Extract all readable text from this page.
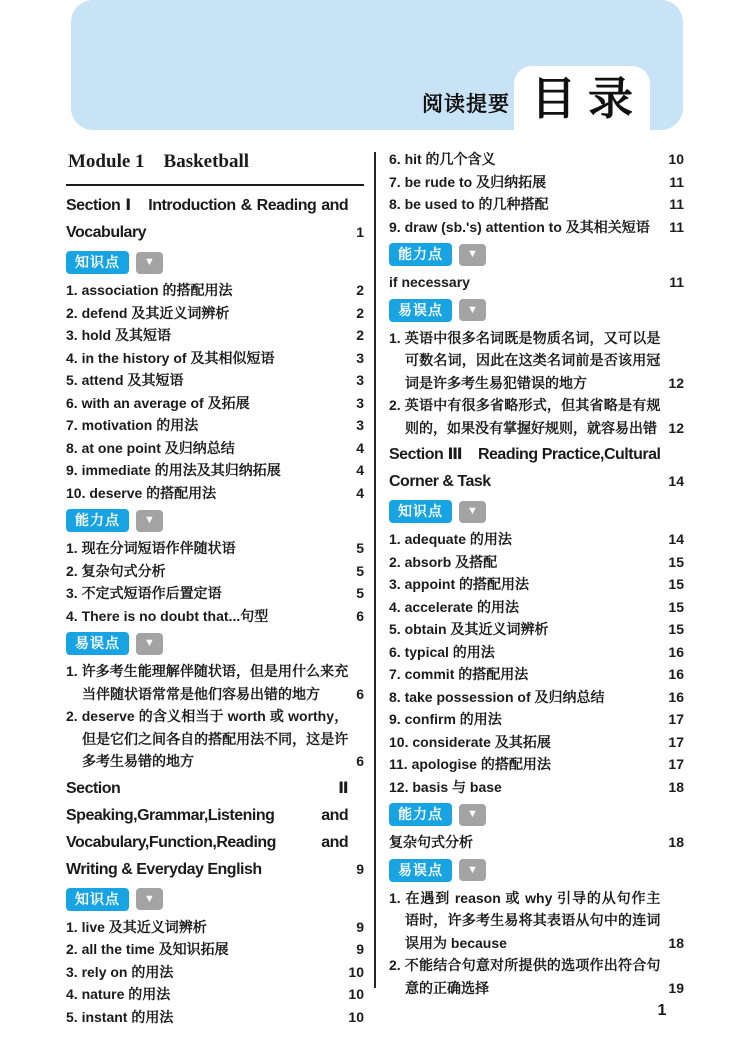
阅读提要 目录
Module 1　Basketball
Section Ⅰ　Introduction & Reading and Vocabulary	1
知识点	▼
1. association 的搭配用法	2
2. defend 及其近义词辨析	2
3. hold 及其短语	2
4. in the history of 及其相似短语	3
5. attend 及其短语	3
6. with an average of 及拓展	3
7. motivation 的用法	3
8. at one point 及归纳总结	4
9. immediate 的用法及其归纳拓展	4
10. deserve 的搭配用法	4
能力点	▼
1. 现在分词短语作伴随状语	5
2. 复杂句式分析	5
3. 不定式短语作后置定语	5
4. There is no doubt that...句型	6
易误点	▼
1. 许多考生能理解伴随状语，但是用什么来充当伴随状语常常是他们容易出错的地方	6
2. deserve 的含义相当于 worth 或 worthy，但是它们之间各自的搭配用法不同，这是许多考生易错的地方	6
Section Ⅱ　Speaking,Grammar,Listening and Vocabulary,Function,Reading and Writing & Everyday English	9
知识点	▼
1. live 及其近义词辨析	9
2. all the time 及知识拓展	9
3. rely on 的用法	10
4. nature 的用法	10
5. instant 的用法	10
6. hit 的几个含义	10
7. be rude to 及归纳拓展	11
8. be used to 的几种搭配	11
9. draw (sb.'s) attention to 及其相关短语	11
能力点	▼
if necessary	11
易误点	▼
1. 英语中很多名词既是物质名词，又可以是可数名词，因此在这类名词前是否该用冠词是许多考生易犯错误的地方	12
2. 英语中有很多省略形式，但其省略是有规则的，如果没有掌握好规则，就容易出错 12
Section Ⅲ　Reading Practice,Cultural Corner & Task	14
知识点	▼
1. adequate 的用法	14
2. absorb 及搭配	15
3. appoint 的搭配用法	15
4. accelerate 的用法	15
5. obtain 及其近义词辨析	15
6. typical 的用法	16
7. commit 的搭配用法	16
8. take possession of 及归纳总结	16
9. confirm 的用法	17
10. considerate 及其拓展	17
11. apologise 的搭配用法	17
12. basis 与 base	18
能力点	▼
复杂句式分析	18
易误点	▼
1. 在遇到 reason 或 why 引导的从句作主语时，许多考生易将其表语从句中的连词误用为 because	18
2. 不能结合句意对所提供的选项作出符合句意的正确选择	19
1
